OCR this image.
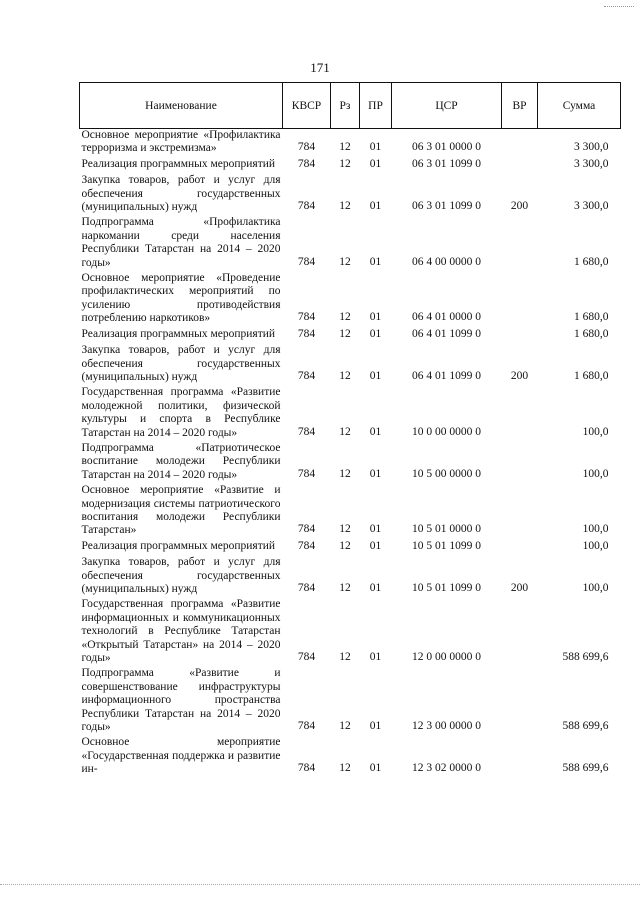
171
Наименование	КВСР	Рз	ПР	ЦСР	ВР	Сумма
Основное мероприятие «Профилактика терроризма и экстремизма»	784	12	01	06 3 01 0000 0		3 300,0
Реализация программных мероприятий	784	12	01	06 3 01 1099 0		3 300,0
Закупка товаров, работ и услуг для обеспечения государственных (муниципальных) нужд	784	12	01	06 3 01 1099 0	200	3 300,0
Подпрограмма «Профилактика наркомании среди населения Республики Татарстан на 2014 – 2020 годы»	784	12	01	06 4 00 0000 0		1 680,0
Основное мероприятие «Проведение профилактических мероприятий по усилению противодействия потреблению наркотиков»	784	12	01	06 4 01 0000 0		1 680,0
Реализация программных мероприятий	784	12	01	06 4 01 1099 0		1 680,0
Закупка товаров, работ и услуг для обеспечения государственных (муниципальных) нужд	784	12	01	06 4 01 1099 0	200	1 680,0
Государственная программа «Развитие молодежной политики, физической культуры и спорта в Республике Татарстан на 2014 – 2020 годы»	784	12	01	10 0 00 0000 0		100,0
Подпрограмма «Патриотическое воспитание молодежи Республики Татарстан на 2014 – 2020 годы»	784	12	01	10 5 00 0000 0		100,0
Основное мероприятие «Развитие и модернизация системы патриотического воспитания молодежи Республики Татарстан»	784	12	01	10 5 01 0000 0		100,0
Реализация программных мероприятий	784	12	01	10 5 01 1099 0		100,0
Закупка товаров, работ и услуг для обеспечения государственных (муниципальных) нужд	784	12	01	10 5 01 1099 0	200	100,0
Государственная программа «Развитие информационных и коммуникационных технологий в Республике Татарстан «Открытый Татарстан» на 2014 – 2020 годы»	784	12	01	12 0 00 0000 0		588 699,6
Подпрограмма «Развитие и совершенствование инфраструктуры информационного пространства Республики Татарстан на 2014 – 2020 годы»	784	12	01	12 3 00 0000 0		588 699,6
Основное мероприятие «Государственная поддержка и развитие ин-	784	12	01	12 3 02 0000 0		588 699,6
